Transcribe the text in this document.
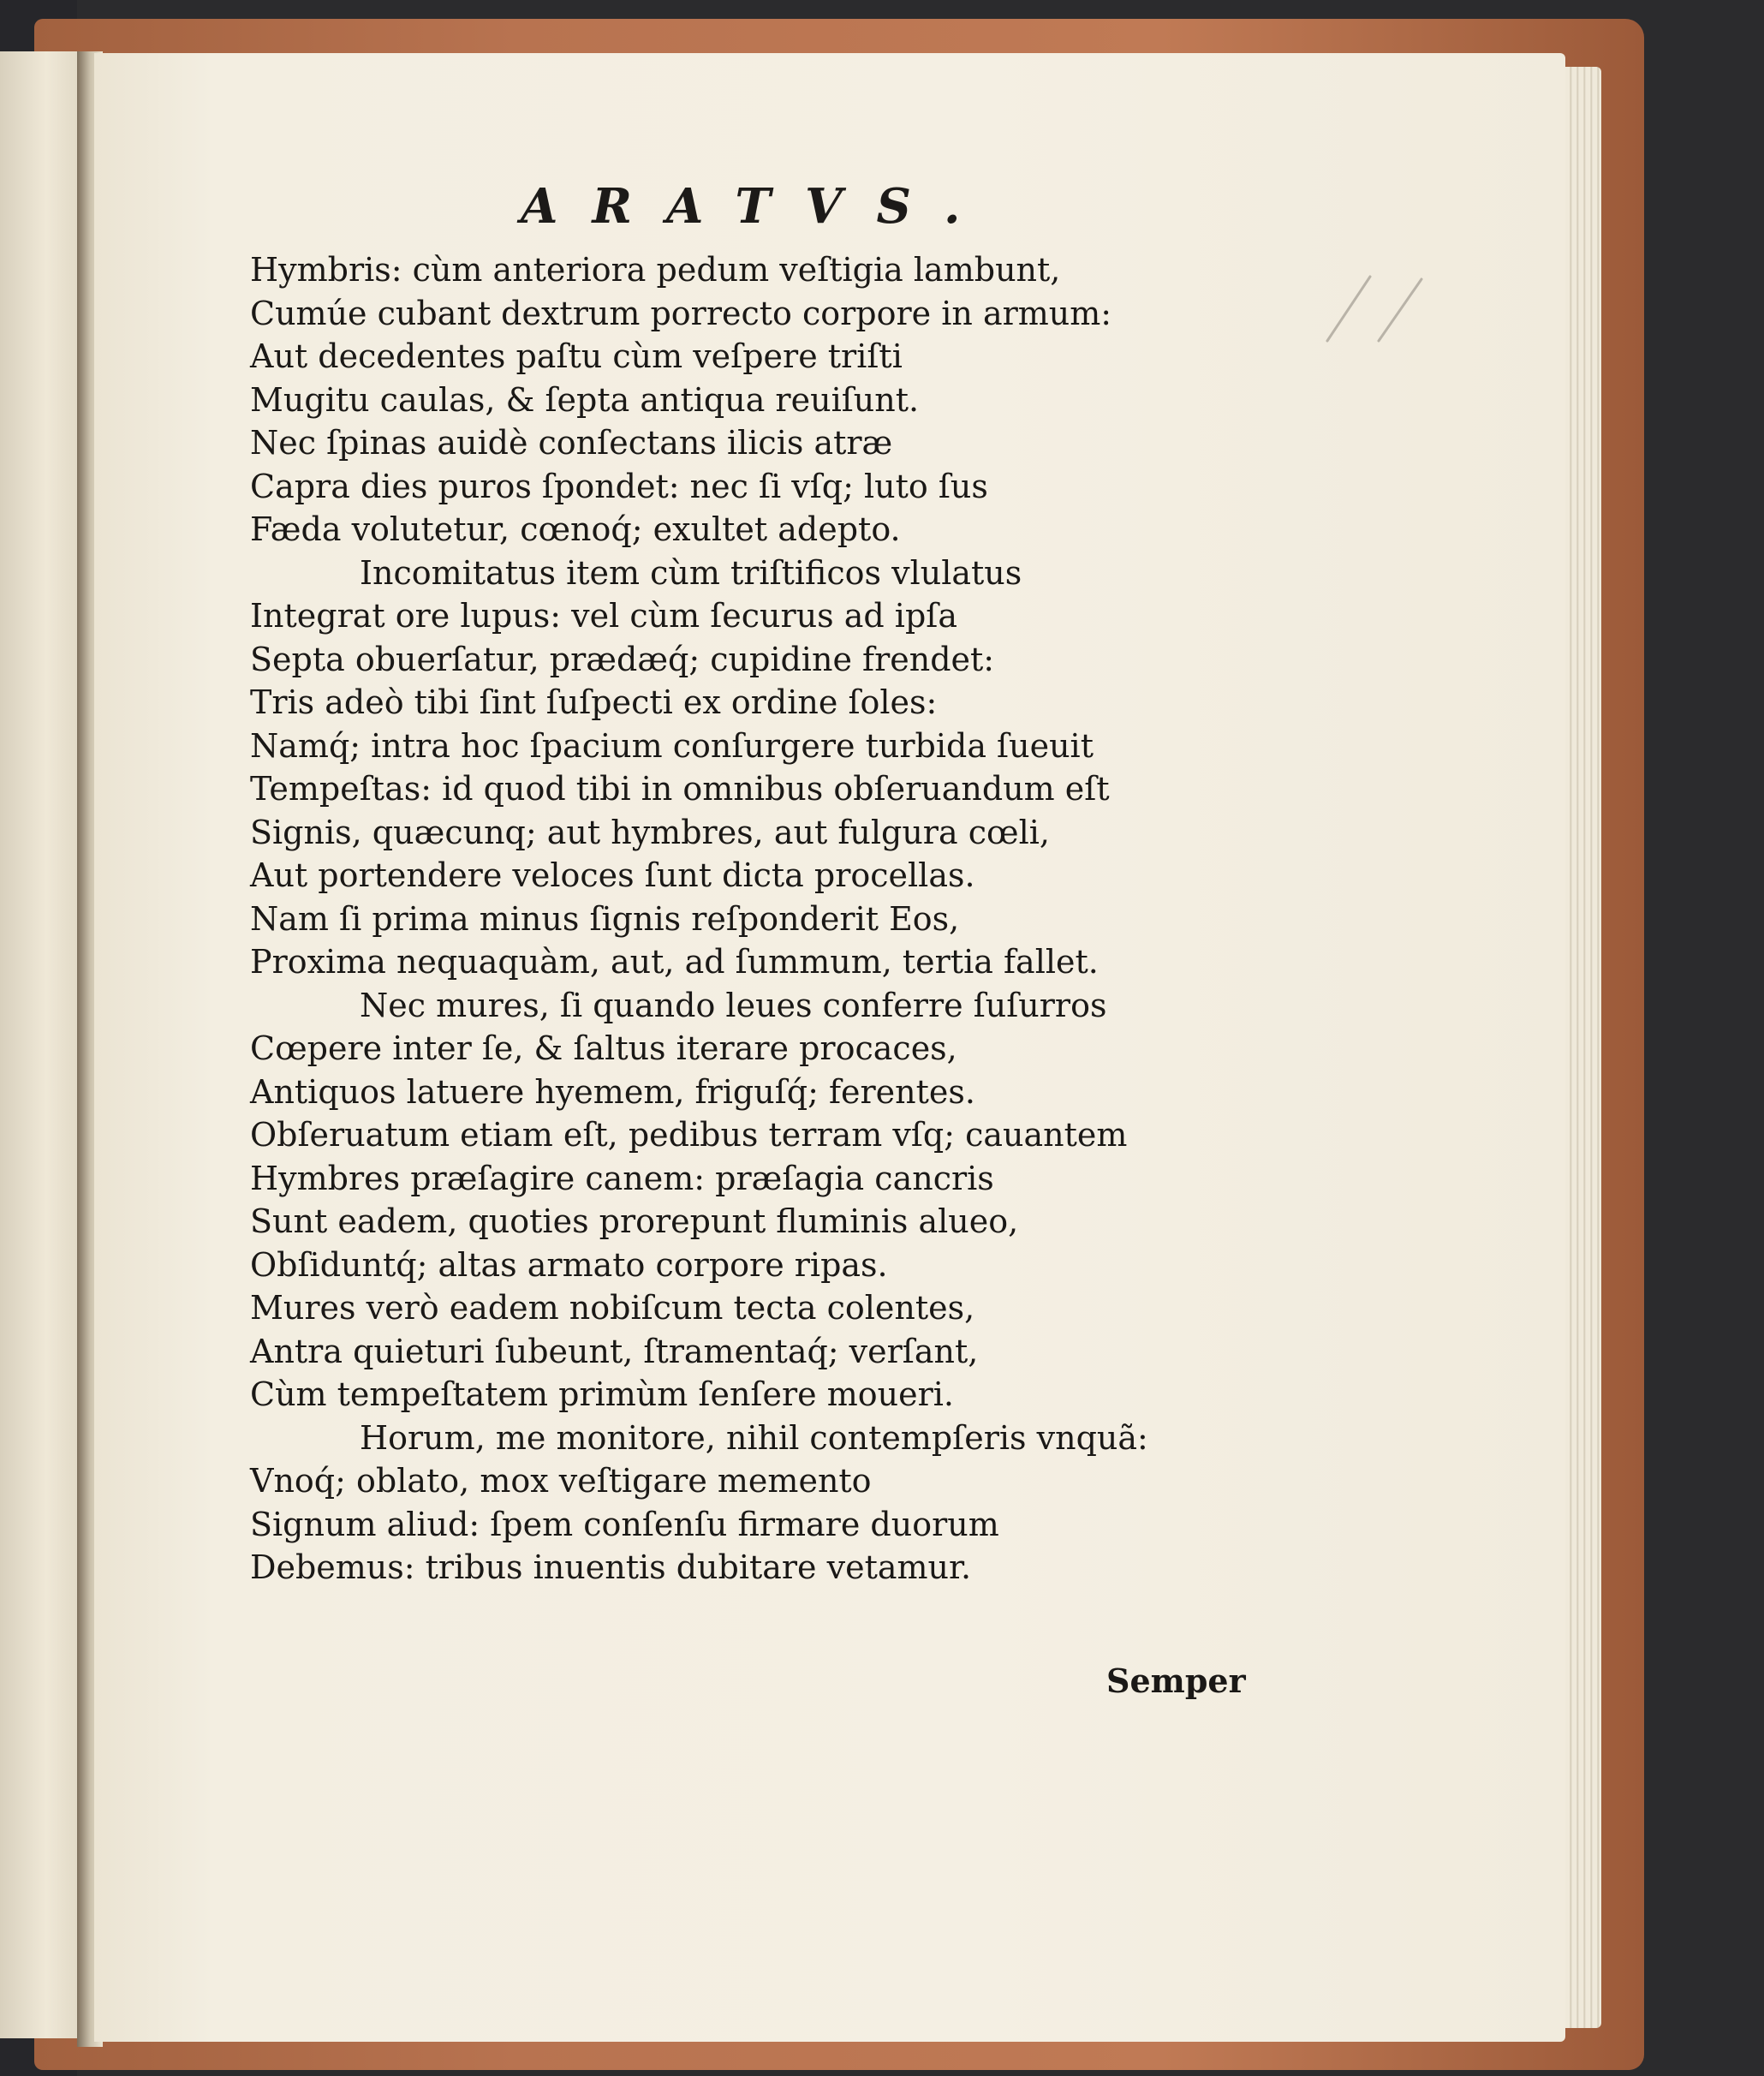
ARATVS.
Hymbris: cùm anteriora pedum veſtigia lambunt,
Cumúe cubant dextrum porrecto corpore in armum:
Aut decedentes paſtu cùm veſpere triſti
Mugitu caulas, & ſepta antiqua reuiſunt.
Nec ſpinas auidè conſectans ilicis atræ
Capra dies puros ſpondet: nec ſi vſq; luto ſus
Fæda volutetur, cœnoq́; exultet adepto.
Incomitatus item cùm triſtificos vlulatus
Integrat ore lupus: vel cùm ſecurus ad ipſa
Septa obuerſatur, prædæq́; cupidine frendet:
Tris adeò tibi ſint ſuſpecti ex ordine ſoles:
Namq́; intra hoc ſpacium conſurgere turbida ſueuit
Tempeſtas: id quod tibi in omnibus obſeruandum eſt
Signis, quæcunq; aut hymbres, aut fulgura cœli,
Aut portendere veloces ſunt dicta procellas.
Nam ſi prima minus ſignis reſponderit Eos,
Proxima nequaquàm, aut, ad ſummum, tertia fallet.
Nec mures, ſi quando leues conferre ſuſurros
Cœpere inter ſe, & ſaltus iterare procaces,
Antiquos latuere hyemem, friguſq́; ferentes.
Obſeruatum etiam eſt, pedibus terram vſq; cauantem
Hymbres præſagire canem: præſagia cancris
Sunt eadem, quoties prorepunt fluminis alueo,
Obſiduntq́; altas armato corpore ripas.
Mures verò eadem nobiſcum tecta colentes,
Antra quieturi ſubeunt, ſtramentaq́; verſant,
Cùm tempeſtatem primùm ſenſere moueri.
Horum, me monitore, nihil contempſeris vnquã:
Vnoq́; oblato, mox veſtigare memento
Signum aliud: ſpem conſenſu firmare duorum
Debemus: tribus inuentis dubitare vetamur.
Semper
